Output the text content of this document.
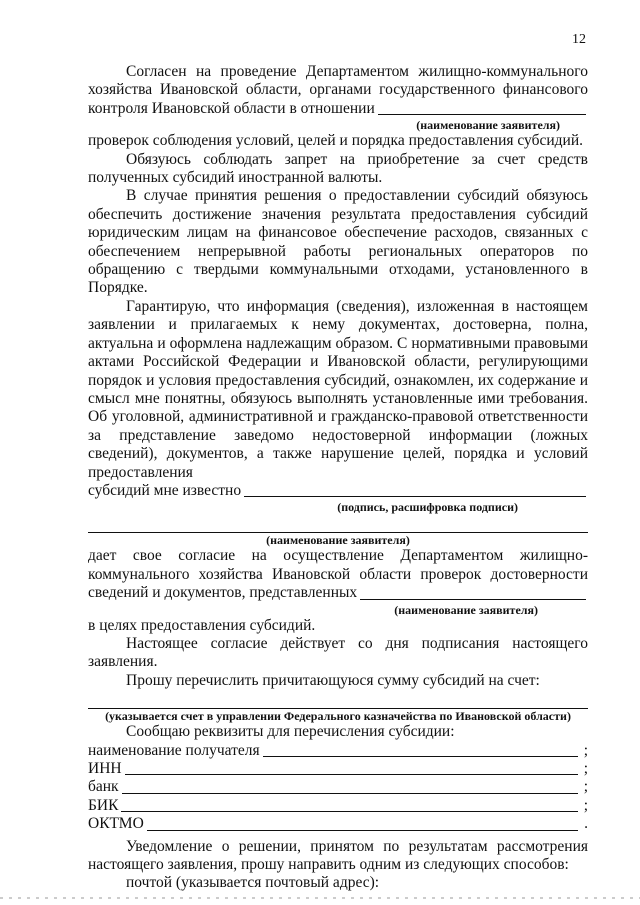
12
Согласен на проведение Департаментом жилищно-коммунального
хозяйства Ивановской области, органами государственного финансового
контроля Ивановской области в отношении
(наименование заявителя)
проверок соблюдения условий, целей и порядка предоставления субсидий.

Обязуюсь соблюдать запрет на приобретение за счет средств полученных субсидий иностранной валюты.

В случае принятия решения о предоставлении субсидий обязуюсь обеспечить достижение значения результата предоставления субсидий юридическим лицам на финансовое обеспечение расходов, связанных с обеспечением непрерывной работы региональных операторов по обращению с твердыми коммунальными отходами, установленного в Порядке.

Гарантирую, что информация (сведения), изложенная в настоящем заявлении и прилагаемых к нему документах, достоверна, полна, актуальна и оформлена надлежащим образом. С нормативными правовыми актами Российской Федерации и Ивановской области, регулирующими порядок и условия предоставления субсидий, ознакомлен, их содержание и смысл мне понятны, обязуюсь выполнять установленные ими требования. Об уголовной, административной и гражданско-правовой ответственности за представление заведомо недостоверной информации (ложных сведений), документов, а также нарушение целей, порядка и условий предоставления

субсидий мне известно
(подпись, расшифровка подписи)
(наименование заявителя)
дает свое согласие на осуществление Департаментом жилищно-
коммунального хозяйства Ивановской области проверок достоверности
сведений и документов, представленных
(наименование заявителя)
в целях предоставления субсидий.

Настоящее согласие действует со дня подписания настоящего заявления.

Прошу перечислить причитающуюся сумму субсидий на счет:

(указывается счет в управлении Федерального казначейства по Ивановской области)

Сообщаю реквизиты для перечисления субсидии:

наименование получателя	;
ИНН	;
банк	;
БИК	;
ОКТМО	.

Уведомление о решении, принятом по результатам рассмотрения настоящего заявления, прошу направить одним из следующих способов:

почтой (указывается почтовый адрес):
